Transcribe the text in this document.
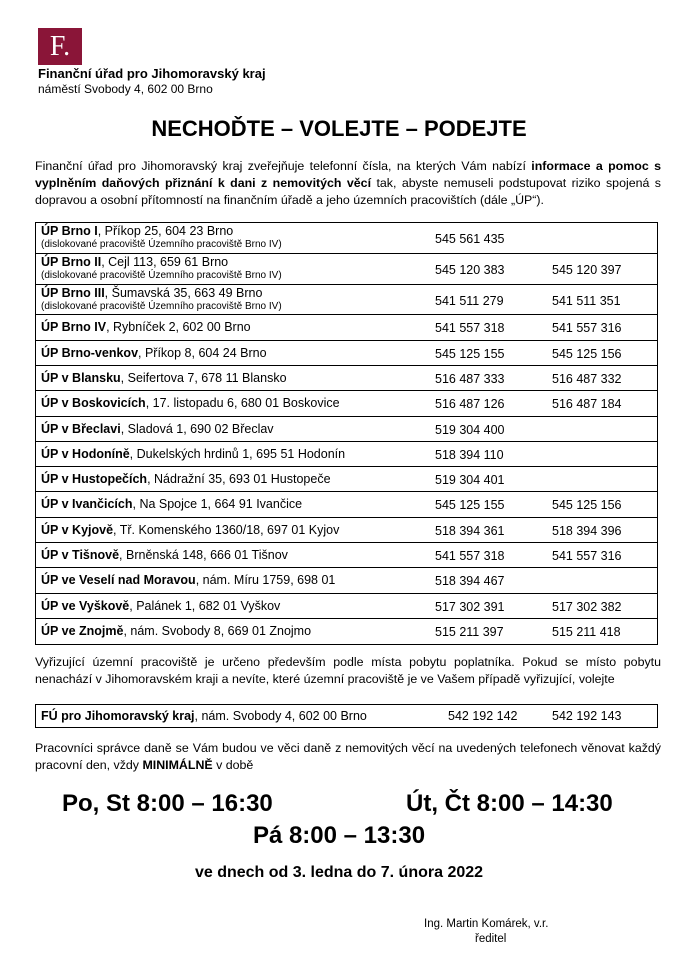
F.
Finanční úřad pro Jihomoravský kraj
náměstí Svobody 4, 602 00 Brno
NECHOĎTE – VOLEJTE – PODEJTE
Finanční úřad pro Jihomoravský kraj zveřejňuje telefonní čísla, na kterých Vám nabízí informace a pomoc s vyplněním daňových přiznání k dani z nemovitých věcí tak, abyste nemuseli podstupovat riziko spojená s dopravou a osobní přítomností na finančním úřadě a jeho územních pracovištích (dále „ÚP“).
ÚP Brno I, Příkop 25, 604 23 Brno
(dislokované pracoviště Územního pracoviště Brno IV)	545 561 435
ÚP Brno II, Cejl 113, 659 61 Brno
(dislokované pracoviště Územního pracoviště Brno IV)	545 120 383	545 120 397
ÚP Brno III, Šumavská 35, 663 49 Brno
(dislokované pracoviště Územního pracoviště Brno IV)	541 511 279	541 511 351
ÚP Brno IV, Rybníček 2, 602 00 Brno	541 557 318	541 557 316
ÚP Brno-venkov, Příkop 8, 604 24 Brno	545 125 155	545 125 156
ÚP v Blansku, Seifertova 7, 678 11 Blansko	516 487 333	516 487 332
ÚP v Boskovicích, 17. listopadu 6, 680 01 Boskovice	516 487 126	516 487 184
ÚP v Břeclavi, Sladová 1, 690 02 Břeclav	519 304 400
ÚP v Hodoníně, Dukelských hrdinů 1, 695 51 Hodonín	518 394 110
ÚP v Hustopečích, Nádražní 35, 693 01 Hustopeče	519 304 401
ÚP v Ivančicích, Na Spojce 1, 664 91 Ivančice	545 125 155	545 125 156
ÚP v Kyjově, Tř. Komenského 1360/18, 697 01 Kyjov	518 394 361	518 394 396
ÚP v Tišnově, Brněnská 148, 666 01 Tišnov	541 557 318	541 557 316
ÚP ve Veselí nad Moravou, nám. Míru 1759, 698 01	518 394 467
ÚP ve Vyškově, Palánek 1, 682 01 Vyškov	517 302 391	517 302 382
ÚP ve Znojmě, nám. Svobody 8, 669 01 Znojmo	515 211 397	515 211 418
Vyřizující územní pracoviště je určeno především podle místa pobytu poplatníka. Pokud se místo pobytu nenachází v Jihomoravském kraji a nevíte, které územní pracoviště je ve Vašem případě vyřizující, volejte
FÚ pro Jihomoravský kraj, nám. Svobody 4, 602 00 Brno	542 192 142	542 192 143
Pracovníci správce daně se Vám budou ve věci daně z nemovitých věcí na uvedených telefonech věnovat každý pracovní den, vždy MINIMÁLNĚ v době
Po, St 8:00 – 16:30	Út, Čt 8:00 – 14:30
Pá 8:00 – 13:30
ve dnech od 3. ledna do 7. února 2022
Ing. Martin Komárek, v.r.
ředitel
